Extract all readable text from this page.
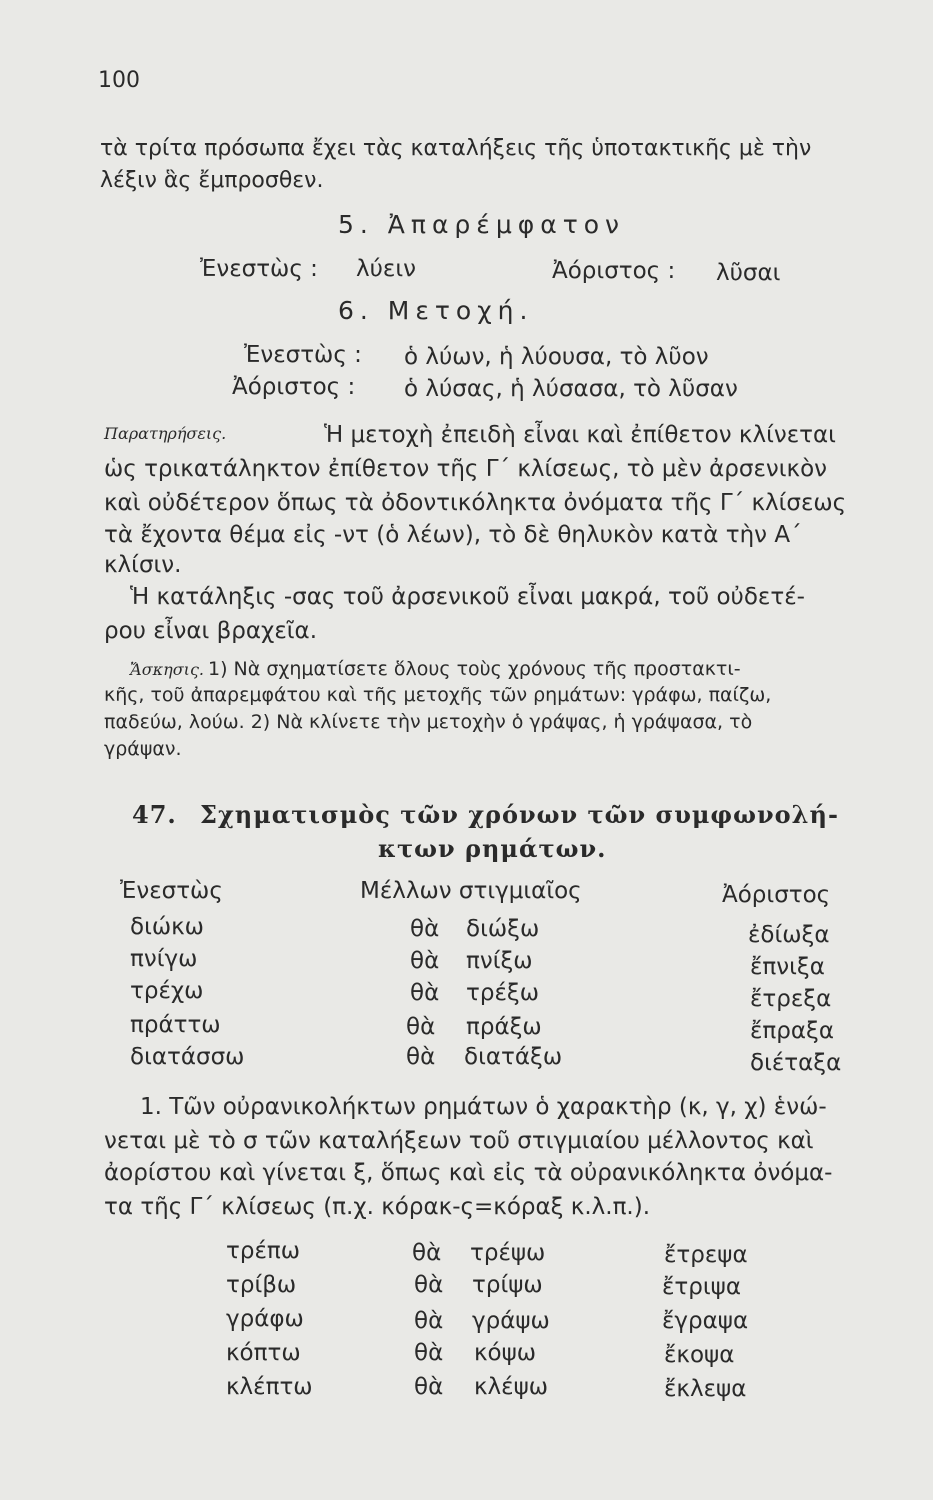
100
τὰ τρίτα πρόσωπα ἔχει τὰς καταλήξεις τῆς ὑποτακτικῆς μὲ τὴν
λέξιν ἃς ἔμπροσθεν.
5. Ἀπαρέμφατον
Ἐνεστὼς : λύειν	Ἀόριστος : λῦσαι
6. Μετοχή.
Ἐνεστὼς : ὁ λύων, ἡ λύουσα, τὸ λῦον
Ἀόριστος : ὁ λύσας, ἡ λύσασα, τὸ λῦσαν
Παρατηρήσεις.	Ἡ μετοχὴ ἐπειδὴ εἶναι καὶ ἐπίθετον κλίνεται
ὡς τρικατάληκτον ἐπίθετον τῆς Γ΄ κλίσεως, τὸ μὲν ἀρσενικὸν
καὶ οὐδέτερον ὅπως τὰ ὀδοντικόληκτα ὀνόματα τῆς Γ΄ κλίσεως
τὰ ἔχοντα θέμα εἰς -ντ (ὁ λέων), τὸ δὲ θηλυκὸν κατὰ τὴν Α΄
κλίσιν.
Ἡ κατάληξις -σας τοῦ ἀρσενικοῦ εἶναι μακρά, τοῦ οὐδετέ-
ρου εἶναι βραχεῖα.
Ἄσκησις. 1) Νὰ σχηματίσετε ὅλους τοὺς χρόνους τῆς προστακτι-
κῆς, τοῦ ἀπαρεμφάτου καὶ τῆς μετοχῆς τῶν ρημάτων: γράφω, παίζω,
παδεύω, λούω. 2) Νὰ κλίνετε τὴν μετοχὴν ὁ γράψας, ἡ γράψασα, τὸ
γράψαν.
47. Σχηματισμὸς τῶν χρόνων τῶν συμφωνολή-
κτων ρημάτων.
Ἐνεστὼς	Μέλλων στιγμιαῖος	Ἀόριστος
διώκω	θὰ διώξω	ἐδίωξα
πνίγω	θὰ πνίξω	ἔπνιξα
τρέχω	θὰ τρέξω	ἔτρεξα
πράττω	θὰ πράξω	ἔπραξα
διατάσσω	θὰ διατάξω	διέταξα
1. Τῶν οὐρανικολήκτων ρημάτων ὁ χαρακτὴρ (κ, γ, χ) ἑνώ-
νεται μὲ τὸ σ τῶν καταλήξεων τοῦ στιγμιαίου μέλλοντος καὶ
ἀορίστου καὶ γίνεται ξ, ὅπως καὶ εἰς τὰ οὐρανικόληκτα ὀνόμα-
τα τῆς Γ΄ κλίσεως (π.χ. κόρακ-ς=κόραξ κ.λ.π.).
τρέπω	θὰ τρέψω	ἔτρεψα
τρίβω	θὰ τρίψω	ἔτριψα
γράφω	θὰ γράψω	ἔγραψα
κόπτω	θὰ κόψω	ἔκοψα
κλέπτω	θὰ κλέψω	ἔκλεψα
